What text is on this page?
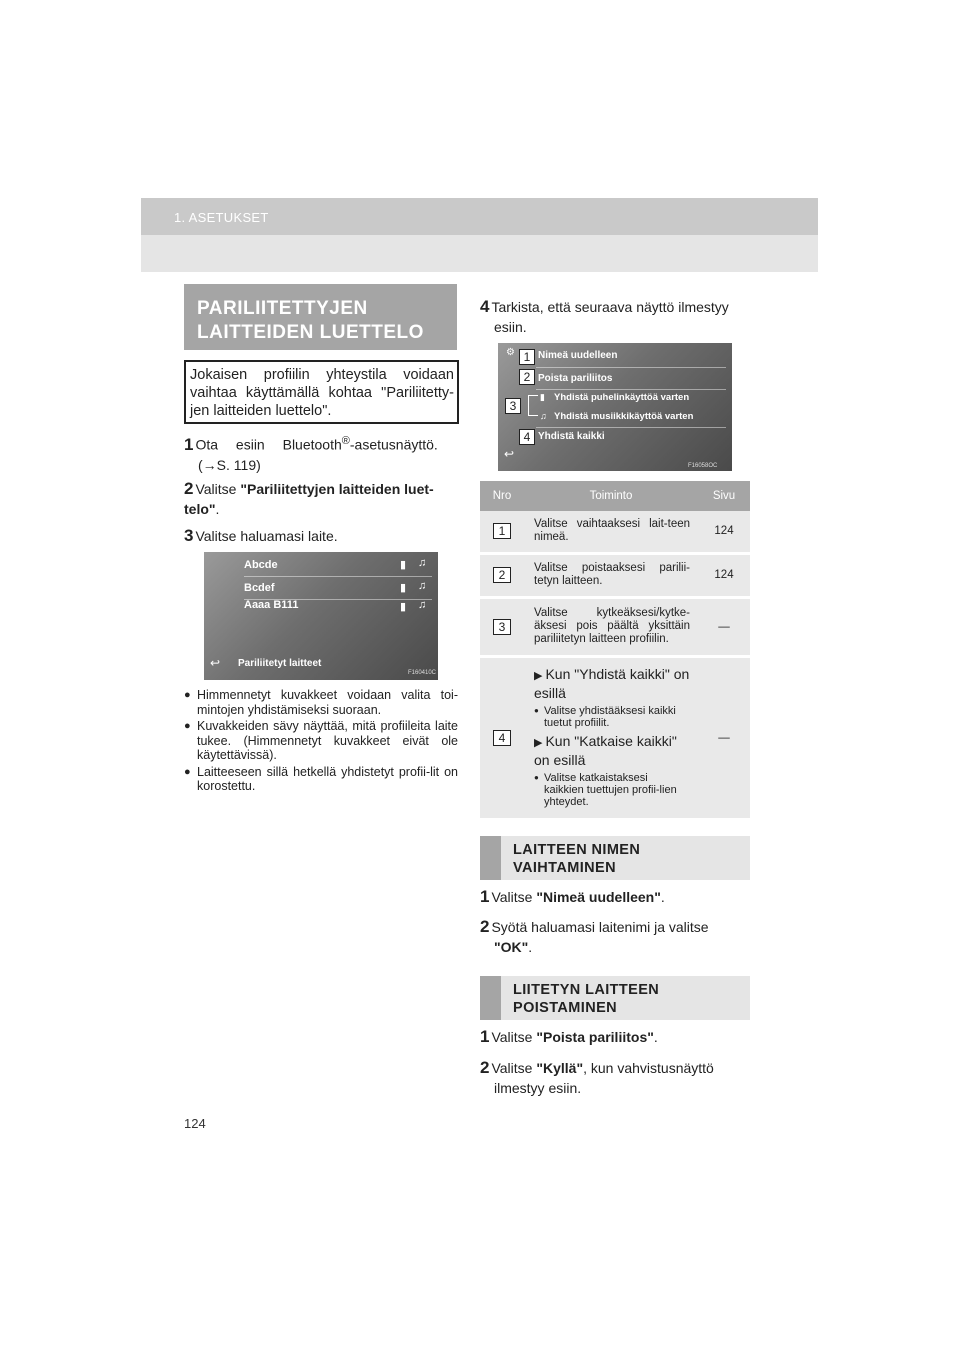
1. ASETUKSET
PARILIITETTYJEN
LAITTEIDEN LUETTELO
Jokaisen profiilin yhteystila voidaan vaihtaa käyttämällä kohtaa "Pariliitetty-jen laitteiden luettelo".
1 Ota esiin Bluetooth®-asetusnäyttö.
(→S. 119)
2 Valitse "Pariliitettyjen laitteiden luet-telo".
3 Valitse haluamasi laite.
Abcde	▮ ♫
Bcdef	▮ ♫
Aaaa B111	▮ ♫
↩ Pariliitetyt laitteet
F160410C
● Himmennetyt kuvakkeet voidaan valita toi-mintojen yhdistämiseksi suoraan.
● Kuvakkeiden sävy näyttää, mitä profiileita laite tukee. (Himmennetyt kuvakkeet eivät ole käytettävissä).
● Laitteeseen sillä hetkellä yhdistetyt profii-lit on korostettu.
4 Tarkista, että seuraava näyttö ilmestyy
esiin.
⚙ Nimeä uudelleen
Poista pariliitos
▮ Yhdistä puhelinkäyttöä varten
♫ Yhdistä musiikkikäyttöä varten
Yhdistä kaikki
↩
F16058OC
1
2
3
4
Nro	Toiminto	Sivu
1	Valitse vaihtaaksesi lait-teen nimeä.	124
2	Valitse poistaaksesi parilii-tetyn laitteen.	124
3	Valitse kytkeäksesi/kytke-äksesi pois päältä yksittäin pariliitetyn laitteen profiilin.	—
4	▶ Kun "Yhdistä kaikki" on esillä
● Valitse yhdistääksesi kaikki tuetut profiilit.
▶ Kun "Katkaise kaikki" on esillä
● Valitse katkaistaksesi kaikkien tuettujen profii-lien yhteydet.	—
LAITTEEN NIMEN
VAIHTAMINEN
1 Valitse "Nimeä uudelleen".
2 Syötä haluamasi laitenimi ja valitse
"OK".
LIITETYN LAITTEEN
POISTAMINEN
1 Valitse "Poista pariliitos".
2 Valitse "Kyllä", kun vahvistusnäyttö
ilmestyy esiin.
124
